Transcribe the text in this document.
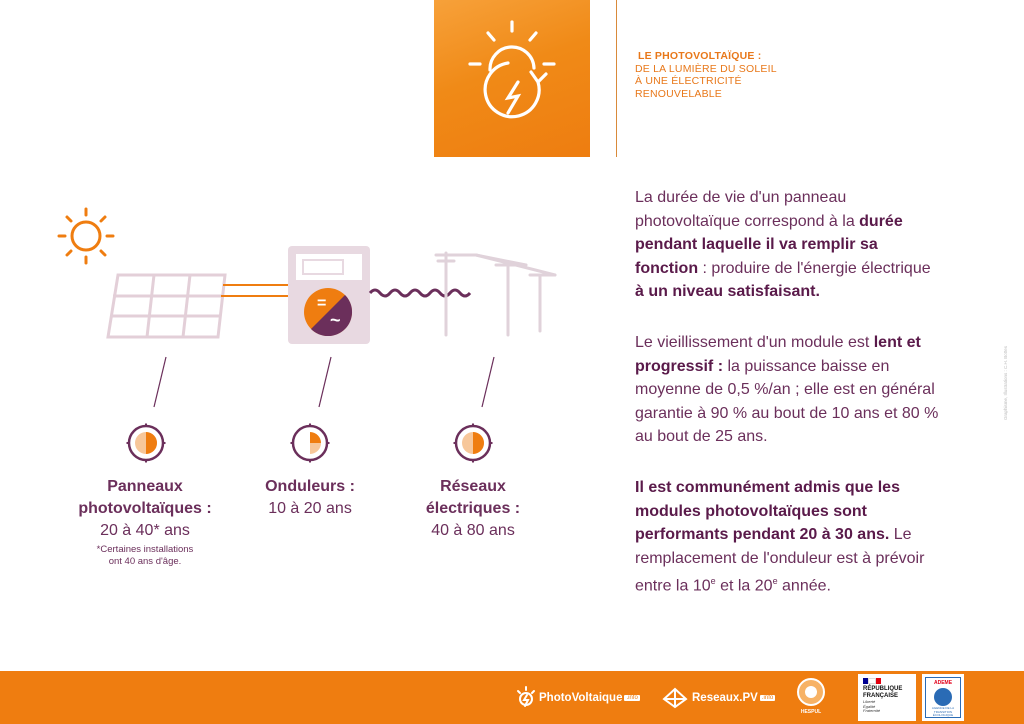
LE PHOTOVOLTAÏQUE :
DE LA LUMIÈRE DU SOLEIL
À UNE ÉLECTRICITÉ
RENOUVELABLE
=
~
Panneaux
photovoltaïques :
20 à 40* ans
*Certaines installations
ont 40 ans d'âge.
Onduleurs :
10 à 20 ans
Réseaux
électriques :
40 à 80 ans

La durée de vie d'un panneau photovoltaïque correspond à la durée pendant laquelle il va remplir sa fonction : produire de l'énergie électrique à un niveau satisfaisant.

Le vieillissement d'un module est lent et progressif : la puissance baisse en moyenne de 0,5 %/an ; elle est en général garantie à 90 % au bout de 10 ans et 80 % au bout de 25 ans.

Il est communément admis que les modules photovoltaïques sont performants pendant 20 à 30 ans. Le remplacement de l'onduleur est à prévoir entre la 10e et la 20e année.

Graphisme, Illustrations : C.H. Bottes
PhotoVoltaique .info	Reseaux.PV .info
HESPUL
RÉPUBLIQUE
FRANÇAISE
Liberté
Égalité
Fraternité
ADEME
AGENCE DE LA
TRANSITION
ÉCOLOGIQUE
